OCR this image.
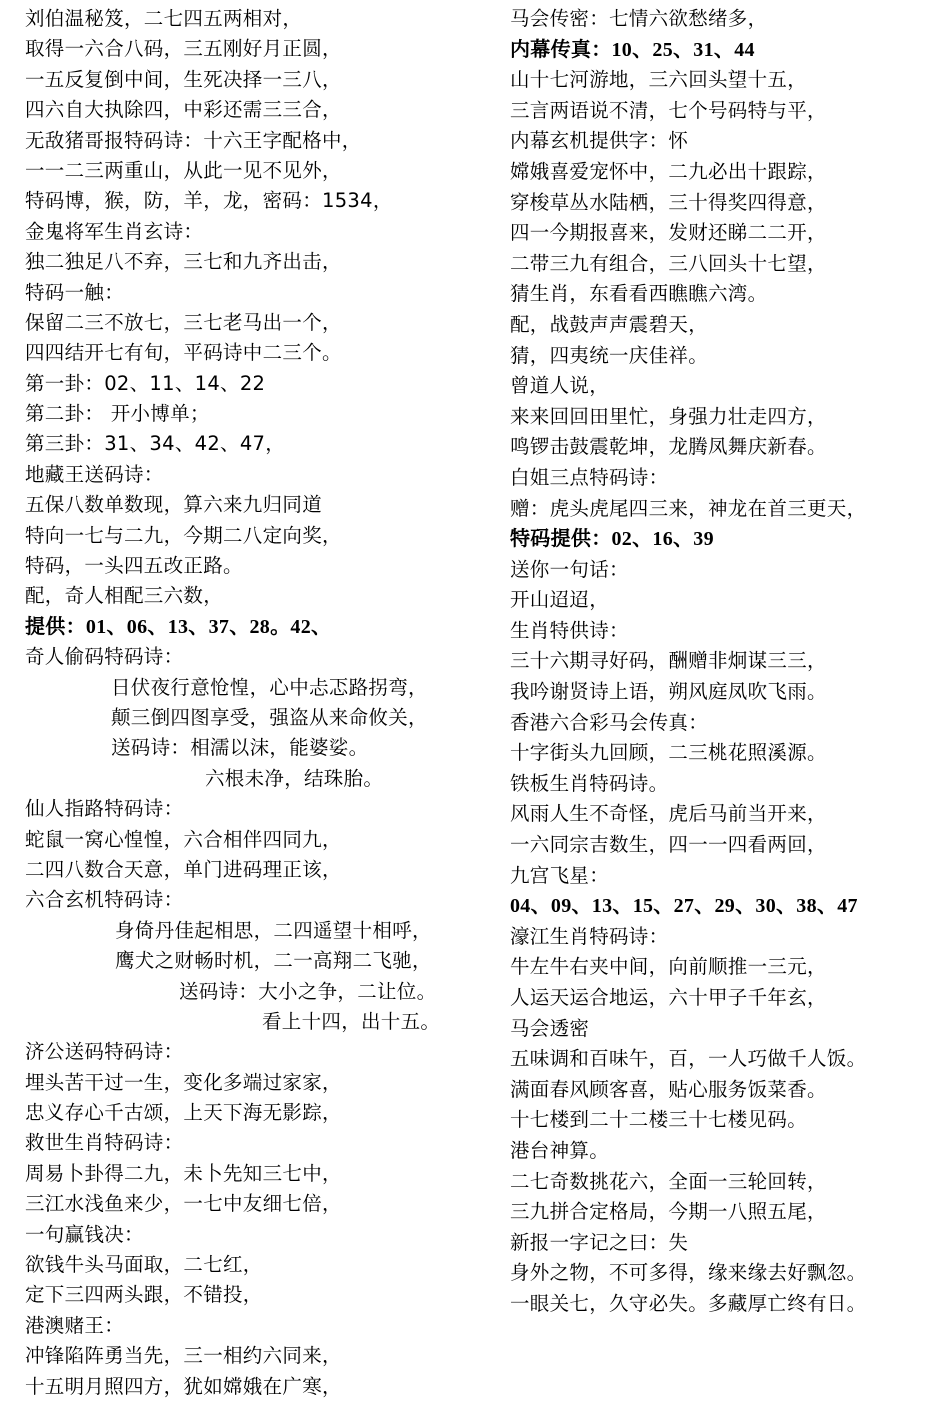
刘伯温秘笈，二七四五两相对，
取得一六合八码，三五刚好月正圆，
一五反复倒中间，生死决择一三八，
四六自大执除四，中彩还需三三合，
无敌猪哥报特码诗：十六王字配格中，
一一二三两重山，从此一见不见外，
特码博，猴，防，羊，龙，密码：1534，
金鬼将军生肖玄诗：
独二独足八不弃，三七和九齐出击，
特码一触：
保留二三不放七，三七老马出一个，
四四结开七有旬，平码诗中二三个。
第一卦：02、11、14、22
第二卦： 开小博单；
第三卦：31、34、42、47，
地藏王送码诗：
五保八数单数现，算六来九归同道
特向一七与二九，今期二八定向奖，
特码，一头四五改正路。
配，奇人相配三六数，
提供：01、06、13、37、28。42、
奇人偷码特码诗：
日伏夜行意怆惶，心中忐忑路拐弯，
颠三倒四图享受，强盗从来命攸关，
送码诗：相濡以沫，能婆娑。
六根未净，结珠胎。
仙人指路特码诗：
蛇鼠一窝心惶惶，六合相伴四同九，
二四八数合天意，单门进码理正该，
六合玄机特码诗：
身倚丹佳起相思，二四遥望十相呼，
鹰犬之财畅时机，二一高翔二飞驰，
送码诗：大小之争，二让位。
看上十四，出十五。
济公送码特码诗：
埋头苦干过一生，变化多端过家家，
忠义存心千古颂，上天下海无影踪，
救世生肖特码诗：
周易卜卦得二九，未卜先知三七中，
三江水浅鱼来少，一七中友细七倍，
一句赢钱决：
欲钱牛头马面取，二七红，
定下三四两头跟，不错投，
港澳赌王：
冲锋陷阵勇当先，三一相约六同来，
十五明月照四方，犹如嫦娥在广寒，
马会传密：七情六欲愁绪多，
内幕传真：10、25、31、44
山十七河游地，三六回头望十五，
三言两语说不清，七个号码特与平，
内幕玄机提供字：怀
嫦娥喜爱宠怀中，二九必出十跟踪，
穿梭草丛水陆栖，三十得奖四得意，
四一今期报喜来，发财还睇二二开，
二带三九有组合，三八回头十七望，
猜生肖，东看看西瞧瞧六湾。
配，战鼓声声震碧天，
猜，四夷统一庆佳祥。
曾道人说，
来来回回田里忙，身强力壮走四方，
鸣锣击鼓震乾坤，龙腾凤舞庆新春。
白姐三点特码诗：
赠：虎头虎尾四三来，神龙在首三更天，
特码提供：02、16、39
送你一句话：
开山迢迢，
生肖特供诗：
三十六期寻好码，酬赠非炯谋三三，
我吟谢贤诗上语，朔风庭凤吹飞雨。
香港六合彩马会传真：
十字街头九回顾，二三桃花照溪源。
铁板生肖特码诗。
风雨人生不奇怪，虎后马前当开来，
一六同宗吉数生，四一一四看两回，
九宫飞星：
04、09、13、15、27、29、30、38、47
濠江生肖特码诗：
牛左牛右夹中间，向前顺推一三元，
人运天运合地运，六十甲子千年玄，
马会透密
五味调和百味午，百，一人巧做千人饭。
满面春风顾客喜，贴心服务饭菜香。
十七楼到二十二楼三十七楼见码。
港台神算。
二七奇数挑花六，全面一三轮回转，
三九拼合定格局，今期一八照五尾，
新报一字记之曰：失
身外之物，不可多得，缘来缘去好飘忽。
一眼关七，久守必失。多藏厚亡终有日。
